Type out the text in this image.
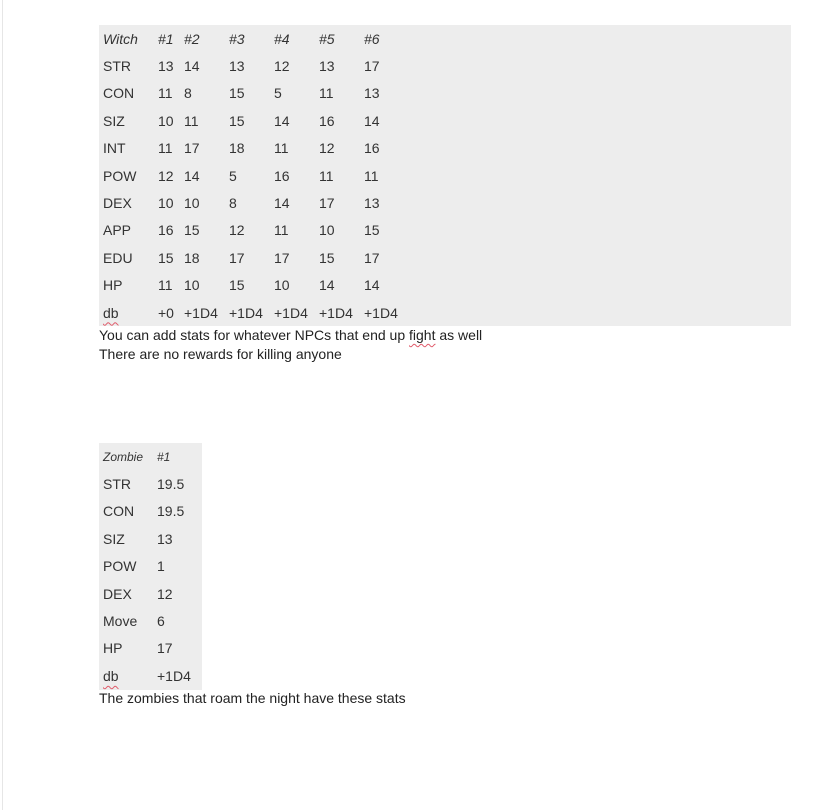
Witch	#1	#2	#3	#4	#5	#6
STR	13	14	13	12	13	17
CON	11	8	15	5	11	13
SIZ	10	11	15	14	16	14
INT	11	17	18	11	12	16
POW	12	14	5	16	11	11
DEX	10	10	8	14	17	13
APP	16	15	12	11	10	15
EDU	15	18	17	17	15	17
HP	11	10	15	10	14	14
db	+0	+1D4	+1D4	+1D4	+1D4	+1D4

You can add stats for whatever NPCs that end up fight as well

There are no rewards for killing anyone

Zombie	#1
STR	19.5
CON	19.5
SIZ	13
POW	1
DEX	12
Move	6
HP	17
db	+1D4

The zombies that roam the night have these stats
